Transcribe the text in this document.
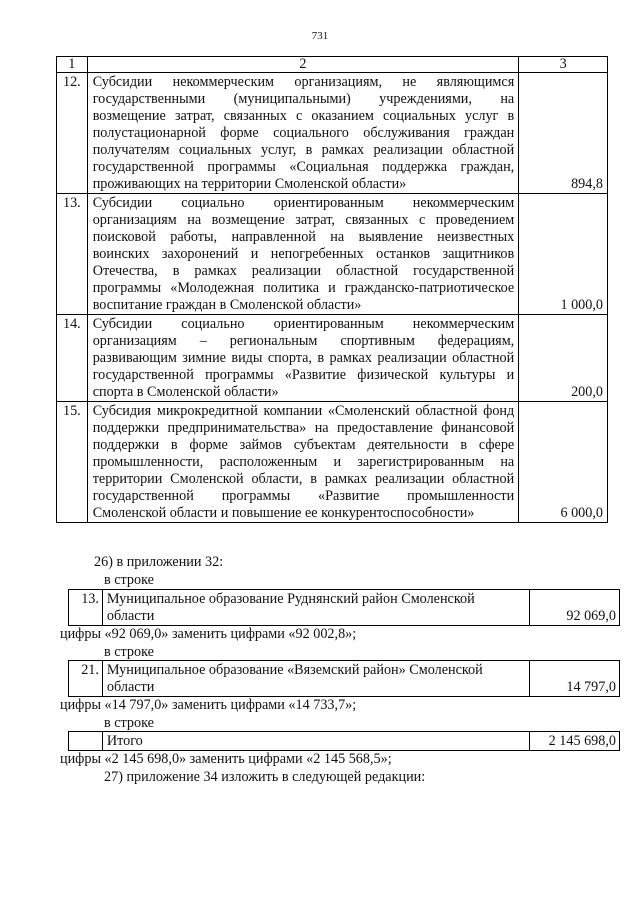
731
1	2	3
12.	Субсидии некоммерческим организациям, не являющимся государственными (муниципальными) учреждениями, на возмещение затрат, связанных с оказанием социальных услуг в полустационарной форме социального обслуживания граждан получателям социальных услуг, в рамках реализации областной государственной программы «Социальная поддержка граждан, проживающих на территории Смоленской области»	894,8
13.	Субсидии социально ориентированным некоммерческим организациям на возмещение затрат, связанных с проведением поисковой работы, направленной на выявление неизвестных воинских захоронений и непогребенных останков защитников Отечества, в рамках реализации областной государственной программы «Молодежная политика и гражданско-патриотическое воспитание граждан в Смоленской области»	1 000,0
14.	Субсидии социально ориентированным некоммерческим организациям – региональным спортивным федерациям, развивающим зимние виды спорта, в рамках реализации областной государственной программы «Развитие физической культуры и спорта в Смоленской области»	200,0
15.	Субсидия микрокредитной компании «Смоленский областной фонд поддержки предпринимательства» на предоставление финансовой поддержки в форме займов субъектам деятельности в сфере промышленности, расположенным и зарегистрированным на территории Смоленской области, в рамках реализации областной государственной программы «Развитие промышленности Смоленской области и повышение ее конкурентоспособности»	6 000,0
26) в приложении 32:
в строке
13.	Муниципальное образование Руднянский район Смоленской области	92 069,0
цифры «92 069,0» заменить цифрами «92 002,8»;
в строке
21.	Муниципальное образование «Вяземский район» Смоленской области	14 797,0
цифры «14 797,0» заменить цифрами «14 733,7»;
в строке
	Итого	2 145 698,0
цифры «2 145 698,0» заменить цифрами «2 145 568,5»;
27) приложение 34 изложить в следующей редакции:
